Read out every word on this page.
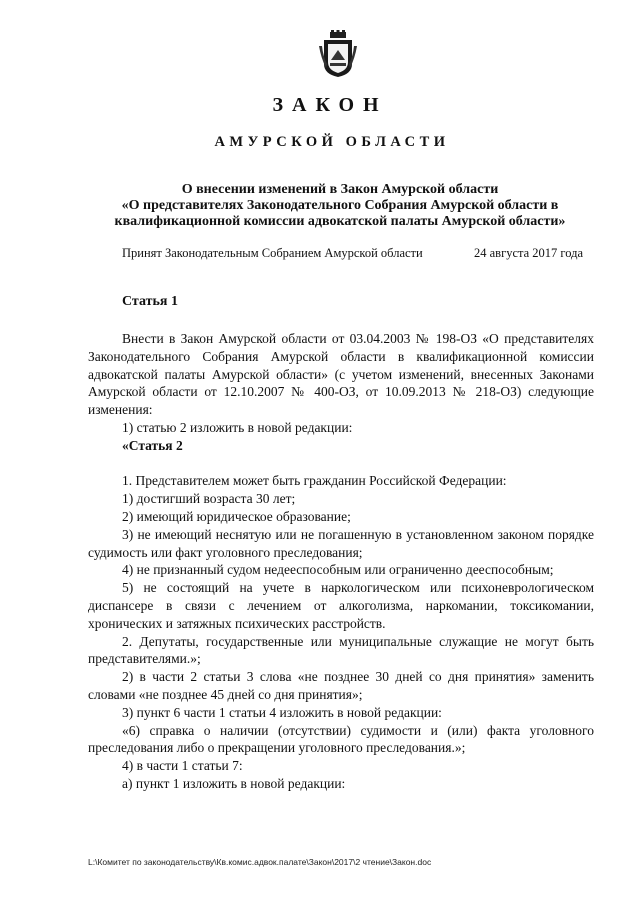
ЗАКОН
АМУРСКОЙ ОБЛАСТИ
О внесении изменений в Закон Амурской области
«О представителях Законодательного Собрания Амурской области в
квалификационной комиссии адвокатской палаты Амурской области»
Принят Законодательным Собранием Амурской области	24 августа 2017 года
Статья 1

Внести в Закон Амурской области от 03.04.2003 № 198-ОЗ «О представителях Законодательного Собрания Амурской области в квалификационной комиссии адвокатской палаты Амурской области» (с учетом изменений, внесенных Законами Амурской области от 12.10.2007 № 400-ОЗ, от 10.09.2013 № 218-ОЗ) следующие изменения:

1) статью 2 изложить в новой редакции:

«Статья 2

1. Представителем может быть гражданин Российской Федерации:

1) достигший возраста 30 лет;

2) имеющий юридическое образование;

3) не имеющий неснятую или не погашенную в установленном законом порядке судимость или факт уголовного преследования;

4) не признанный судом недееспособным или ограниченно дееспособным;

5) не состоящий на учете в наркологическом или психоневрологическом диспансере в связи с лечением от алкоголизма, наркомании, токсикомании, хронических и затяжных психических расстройств.

2. Депутаты, государственные или муниципальные служащие не могут быть представителями.»;

2) в части 2 статьи 3 слова «не позднее 30 дней со дня принятия» заменить словами «не позднее 45 дней со дня принятия»;

3) пункт 6 части 1 статьи 4 изложить в новой редакции:

«6) справка о наличии (отсутствии) судимости и (или) факта уголовного преследования либо о прекращении уголовного преследования.»;

4) в части 1 статьи 7:

а) пункт 1 изложить в новой редакции:

L:\Комитет по законодательству\Кв.комис.адвок.палате\Закон\2017\2 чтение\Закон.doc
